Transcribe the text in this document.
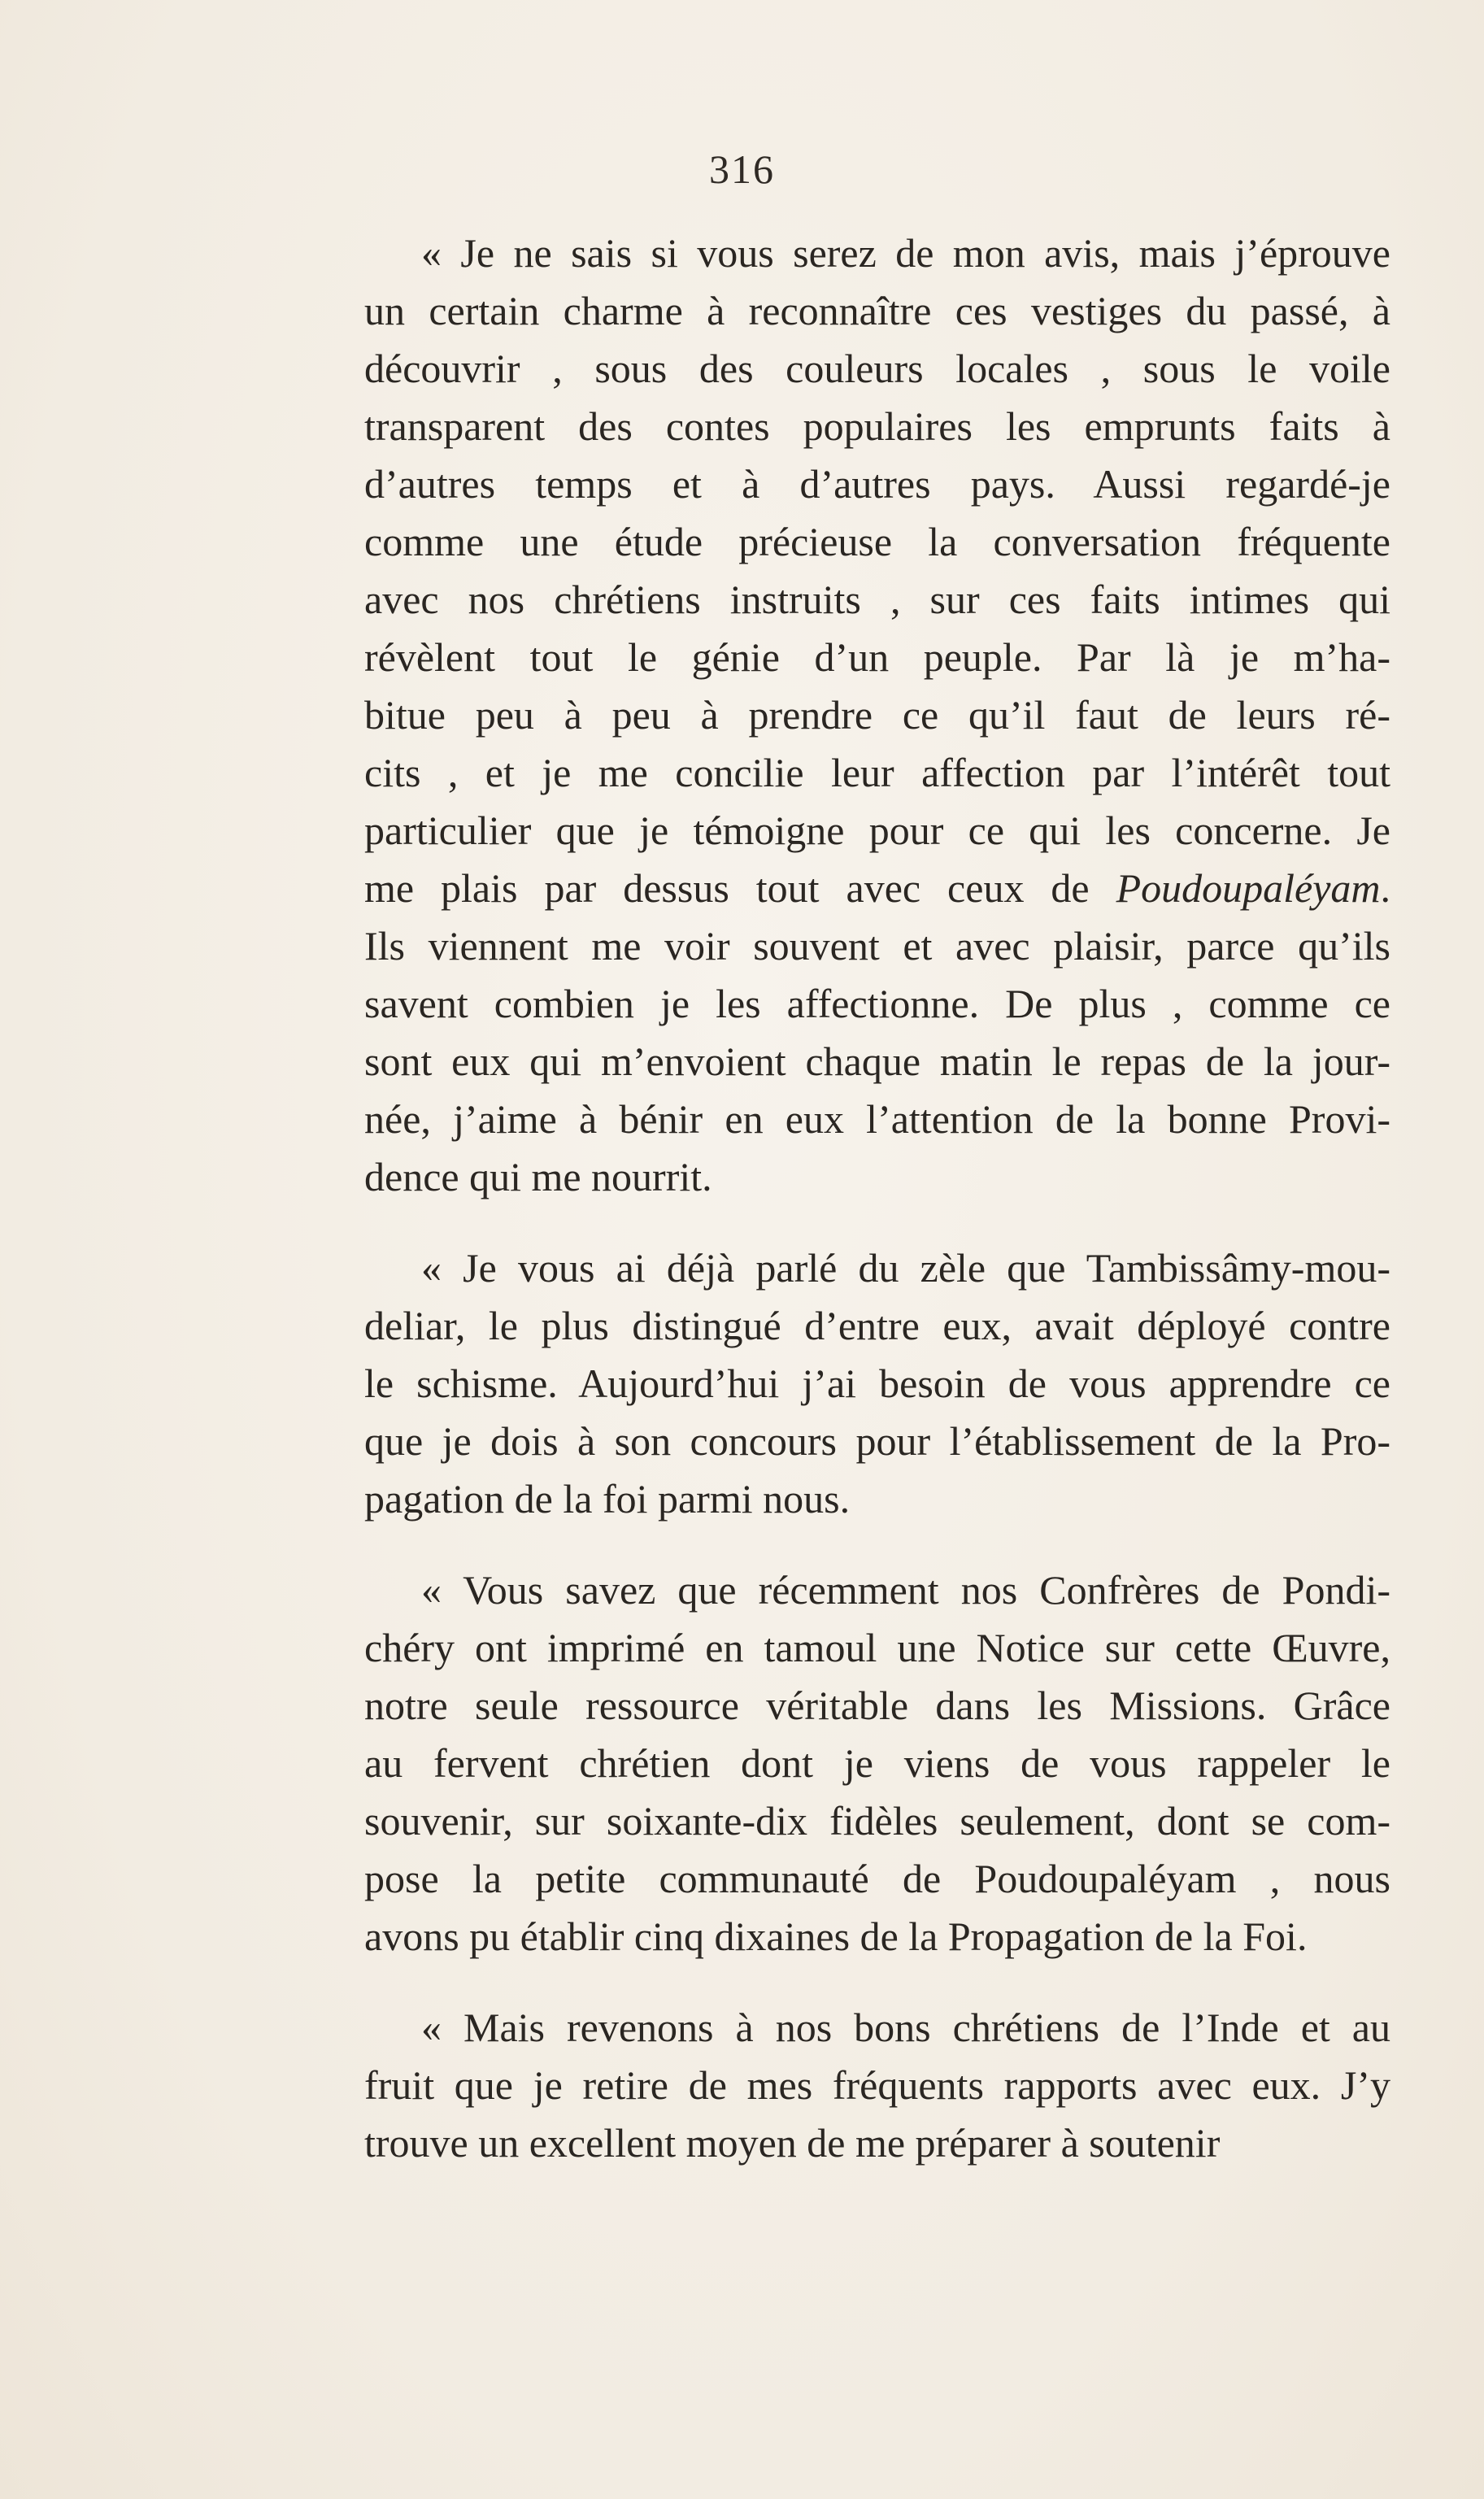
316
« Je ne sais si vous serez de mon avis, mais j’éprouve
un certain charme à reconnaître ces vestiges du passé, à
découvrir , sous des couleurs locales , sous le voile
transparent des contes populaires les emprunts faits à
d’autres temps et à d’autres pays. Aussi regardé-je
comme une étude précieuse la conversation fréquente
avec nos chrétiens instruits , sur ces faits intimes qui
révèlent tout le génie d’un peuple. Par là je m’ha-
bitue peu à peu à prendre ce qu’il faut de leurs ré-
cits , et je me concilie leur affection par l’intérêt tout
particulier que je témoigne pour ce qui les concerne. Je
me plais par dessus tout avec ceux de Poudoupaléyam.
Ils viennent me voir souvent et avec plaisir, parce qu’ils
savent combien je les affectionne. De plus , comme ce
sont eux qui m’envoient chaque matin le repas de la jour-
née, j’aime à bénir en eux l’attention de la bonne Provi-
dence qui me nourrit.
« Je vous ai déjà parlé du zèle que Tambissâmy-mou-
deliar, le plus distingué d’entre eux, avait déployé contre
le schisme. Aujourd’hui j’ai besoin de vous apprendre ce
que je dois à son concours pour l’établissement de la Pro-
pagation de la foi parmi nous.
« Vous savez que récemment nos Confrères de Pondi-
chéry ont imprimé en tamoul une Notice sur cette Œuvre,
notre seule ressource véritable dans les Missions. Grâce
au fervent chrétien dont je viens de vous rappeler le
souvenir, sur soixante-dix fidèles seulement, dont se com-
pose la petite communauté de Poudoupaléyam , nous
avons pu établir cinq dixaines de la Propagation de la Foi.
« Mais revenons à nos bons chrétiens de l’Inde et au
fruit que je retire de mes fréquents rapports avec eux. J’y
trouve un excellent moyen de me préparer à soutenir
